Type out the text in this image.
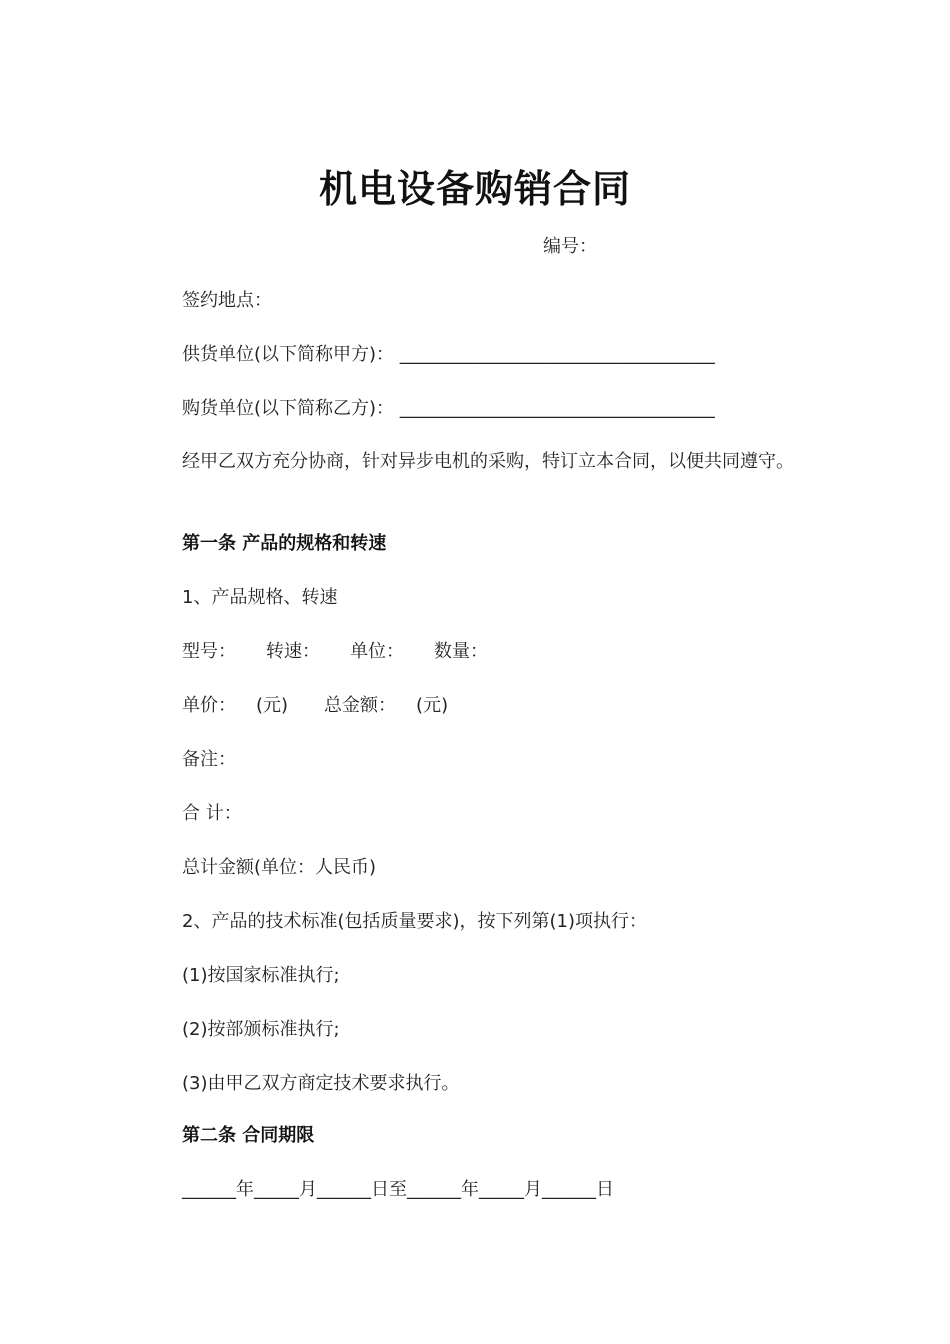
机电设备购销合同
编号：
签约地点：
供货单位(以下简称甲方)： ___________________________________
购货单位(以下简称乙方)： ___________________________________
经甲乙双方充分协商，针对异步电机的采购，特订立本合同，以便共同遵守。
第一条 产品的规格和转速
1、产品规格、转速
型号： 转速： 单位： 数量：
单价： (元) 总金额： (元)
备注：
合 计：
总计金额(单位：人民币)
2、产品的技术标准(包括质量要求)，按下列第(1)项执行：
(1)按国家标准执行;
(2)按部颁标准执行;
(3)由甲乙双方商定技术要求执行。
第二条 合同期限
______年_____月______日至______年_____月______日
